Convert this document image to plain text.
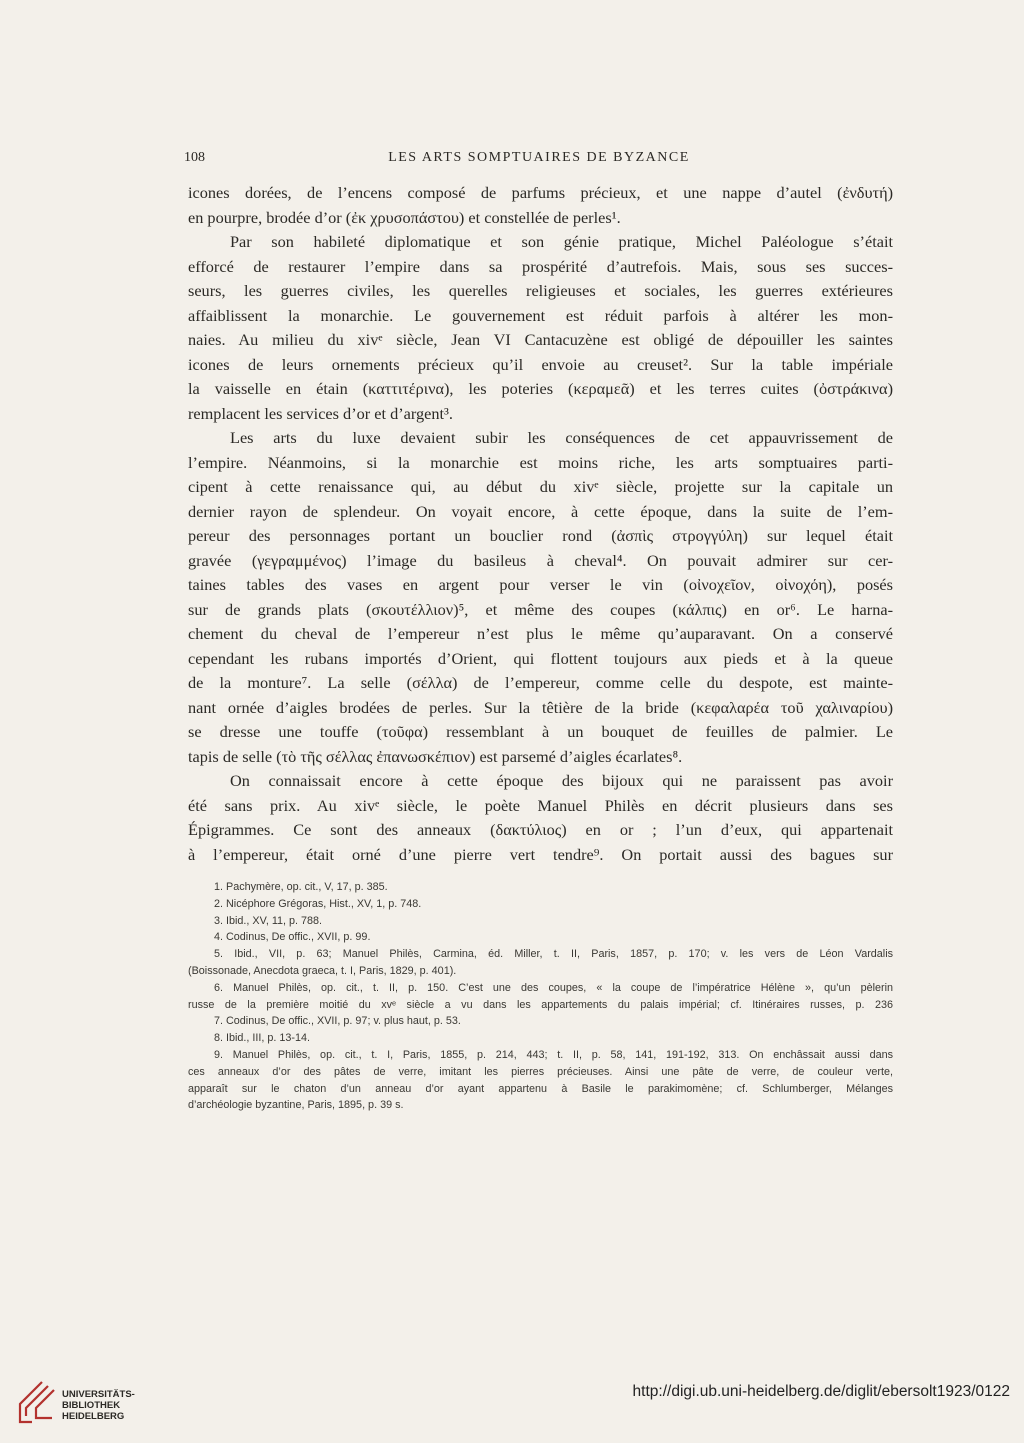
108	LES ARTS SOMPTUAIRES DE BYZANCE
icones dorées, de l’encens composé de parfums précieux, et une nappe d’autel (ἐνδυτή)
en pourpre, brodée d’or (ἐκ χρυσοπάστου) et constellée de perles¹.
Par son habileté diplomatique et son génie pratique, Michel Paléologue s’était
efforcé de restaurer l’empire dans sa prospérité d’autrefois. Mais, sous ses succes-
seurs, les guerres civiles, les querelles religieuses et sociales, les guerres extérieures
affaiblissent la monarchie. Le gouvernement est réduit parfois à altérer les mon-
naies. Au milieu du xivᵉ siècle, Jean VI Cantacuzène est obligé de dépouiller les saintes
icones de leurs ornements précieux qu’il envoie au creuset². Sur la table impériale
la vaisselle en étain (καττιτέρινα), les poteries (κεραμεᾶ) et les terres cuites (ὀστράκινα)
remplacent les services d’or et d’argent³.
Les arts du luxe devaient subir les conséquences de cet appauvrissement de
l’empire. Néanmoins, si la monarchie est moins riche, les arts somptuaires parti-
cipent à cette renaissance qui, au début du xivᵉ siècle, projette sur la capitale un
dernier rayon de splendeur. On voyait encore, à cette époque, dans la suite de l’em-
pereur des personnages portant un bouclier rond (ἀσπὶς στρογγύλη) sur lequel était
gravée (γεγραμμένος) l’image du basileus à cheval⁴. On pouvait admirer sur cer-
taines tables des vases en argent pour verser le vin (οἰνοχεῖον, οἰνοχόη), posés
sur de grands plats (σκουτέλλιον)⁵, et même des coupes (κάλπις) en or⁶. Le harna-
chement du cheval de l’empereur n’est plus le même qu’auparavant. On a conservé
cependant les rubans importés d’Orient, qui flottent toujours aux pieds et à la queue
de la monture⁷. La selle (σέλλα) de l’empereur, comme celle du despote, est mainte-
nant ornée d’aigles brodées de perles. Sur la têtière de la bride (κεφαλαρέα τοῦ χαλιναρίου)
se dresse une touffe (τοῦφα) ressemblant à un bouquet de feuilles de palmier. Le
tapis de selle (τὸ τῆς σέλλας ἐπανωσκέπιον) est parsemé d’aigles écarlates⁸.
On connaissait encore à cette époque des bijoux qui ne paraissent pas avoir
été sans prix. Au xivᵉ siècle, le poète Manuel Philès en décrit plusieurs dans ses
Épigrammes. Ce sont des anneaux (δακτύλιος) en or ; l’un d’eux, qui appartenait
à l’empereur, était orné d’une pierre vert tendre⁹. On portait aussi des bagues sur
1. Pachymère, op. cit., V, 17, p. 385.
2. Nicéphore Grégoras, Hist., XV, 1, p. 748.
3. Ibid., XV, 11, p. 788.
4. Codinus, De offic., XVII, p. 99.
5. Ibid., VII, p. 63; Manuel Philès, Carmina, éd. Miller, t. II, Paris, 1857, p. 170; v. les vers de Léon Vardalis
(Boissonade, Anecdota graeca, t. I, Paris, 1829, p. 401).
6. Manuel Philès, op. cit., t. II, p. 150. C’est une des coupes, « la coupe de l’impératrice Hélène », qu’un pèlerin
russe de la première moitié du xvᵉ siècle a vu dans les appartements du palais impérial; cf. Itinéraires russes, p. 236
7. Codinus, De offic., XVII, p. 97; v. plus haut, p. 53.
8. Ibid., III, p. 13-14.
9. Manuel Philès, op. cit., t. I, Paris, 1855, p. 214, 443; t. II, p. 58, 141, 191-192, 313. On enchâssait aussi dans
ces anneaux d’or des pâtes de verre, imitant les pierres précieuses. Ainsi une pâte de verre, de couleur verte,
apparaît sur le chaton d’un anneau d’or ayant appartenu à Basile le parakimomène; cf. Schlumberger, Mélanges
d’archéologie byzantine, Paris, 1895, p. 39 s.
UNIVERSITÄTS-
BIBLIOTHEK
HEIDELBERG
http://digi.ub.uni-heidelberg.de/diglit/ebersolt1923/0122
